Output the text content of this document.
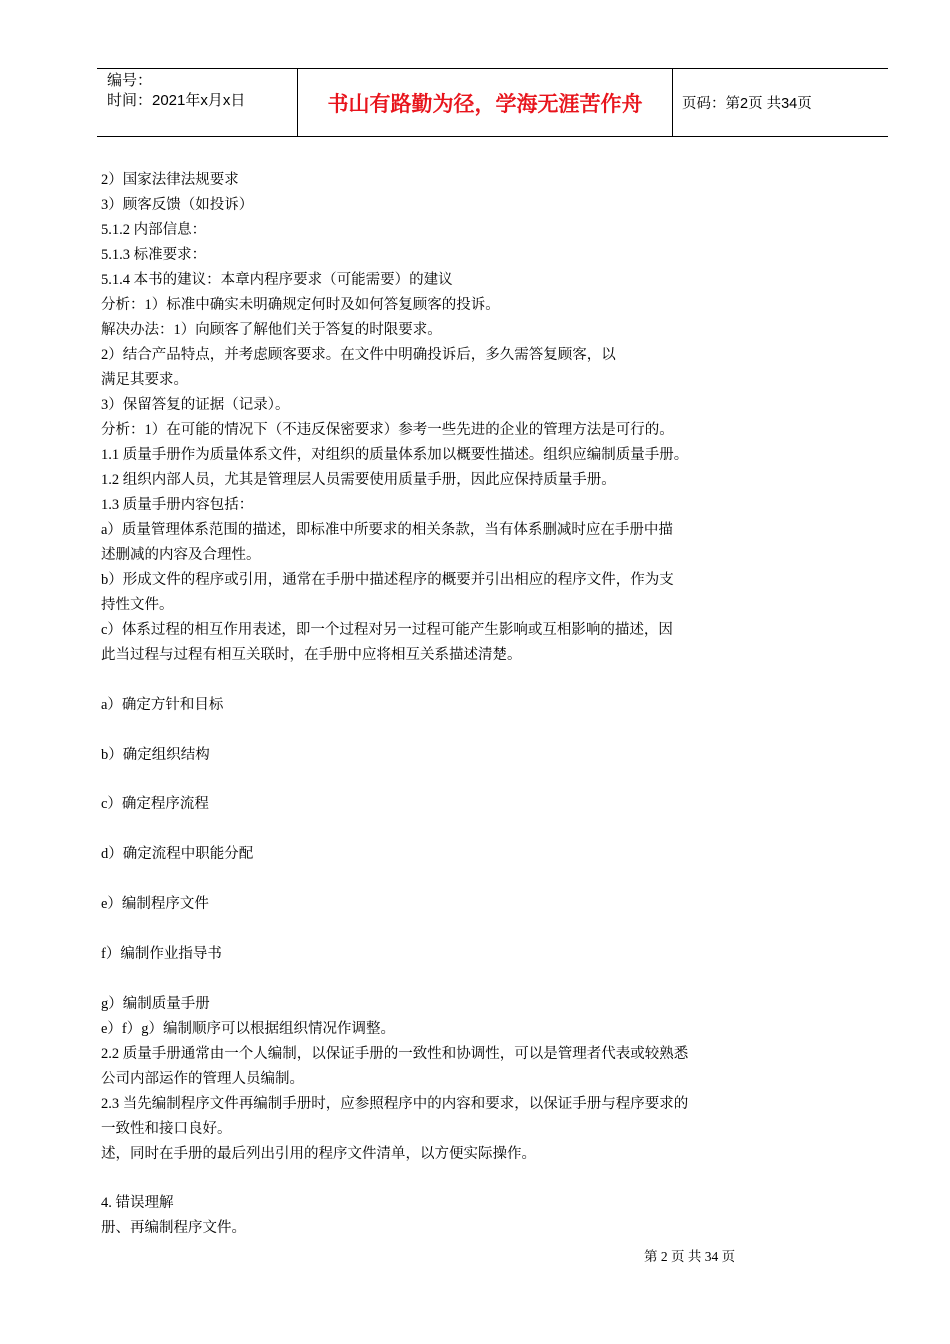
编号：
时间：2021年x月x日	书山有路勤为径，学海无涯苦作舟	页码：第2页 共34页
2）国家法律法规要求
3）顾客反馈（如投诉）
5.1.2 内部信息：
5.1.3 标准要求：
5.1.4 本书的建议：本章内程序要求（可能需要）的建议
分析：1）标准中确实未明确规定何时及如何答复顾客的投诉。
解决办法：1）向顾客了解他们关于答复的时限要求。
2）结合产品特点，并考虑顾客要求。在文件中明确投诉后，多久需答复顾客，以
满足其要求。
3）保留答复的证据（记录）。
分析：1）在可能的情况下（不违反保密要求）参考一些先进的企业的管理方法是可行的。
1.1 质量手册作为质量体系文件，对组织的质量体系加以概要性描述。组织应编制质量手册。
1.2 组织内部人员，尤其是管理层人员需要使用质量手册，因此应保持质量手册。
1.3 质量手册内容包括：
a）质量管理体系范围的描述，即标准中所要求的相关条款，当有体系删减时应在手册中描
述删减的内容及合理性。
b）形成文件的程序或引用，通常在手册中描述程序的概要并引出相应的程序文件，作为支
持性文件。
c）体系过程的相互作用表述，即一个过程对另一过程可能产生影响或互相影响的描述，因
此当过程与过程有相互关联时，在手册中应将相互关系描述清楚。
a）确定方针和目标
b）确定组织结构
c）确定程序流程
d）确定流程中职能分配
e）编制程序文件
f）编制作业指导书
g）编制质量手册
e）f）g）编制顺序可以根据组织情况作调整。
2.2 质量手册通常由一个人编制，以保证手册的一致性和协调性，可以是管理者代表或较熟悉
公司内部运作的管理人员编制。
2.3 当先编制程序文件再编制手册时，应参照程序中的内容和要求，以保证手册与程序要求的
一致性和接口良好。
述，同时在手册的最后列出引用的程序文件清单，以方便实际操作。
4. 错误理解
册、再编制程序文件。
第 2 页 共 34 页
